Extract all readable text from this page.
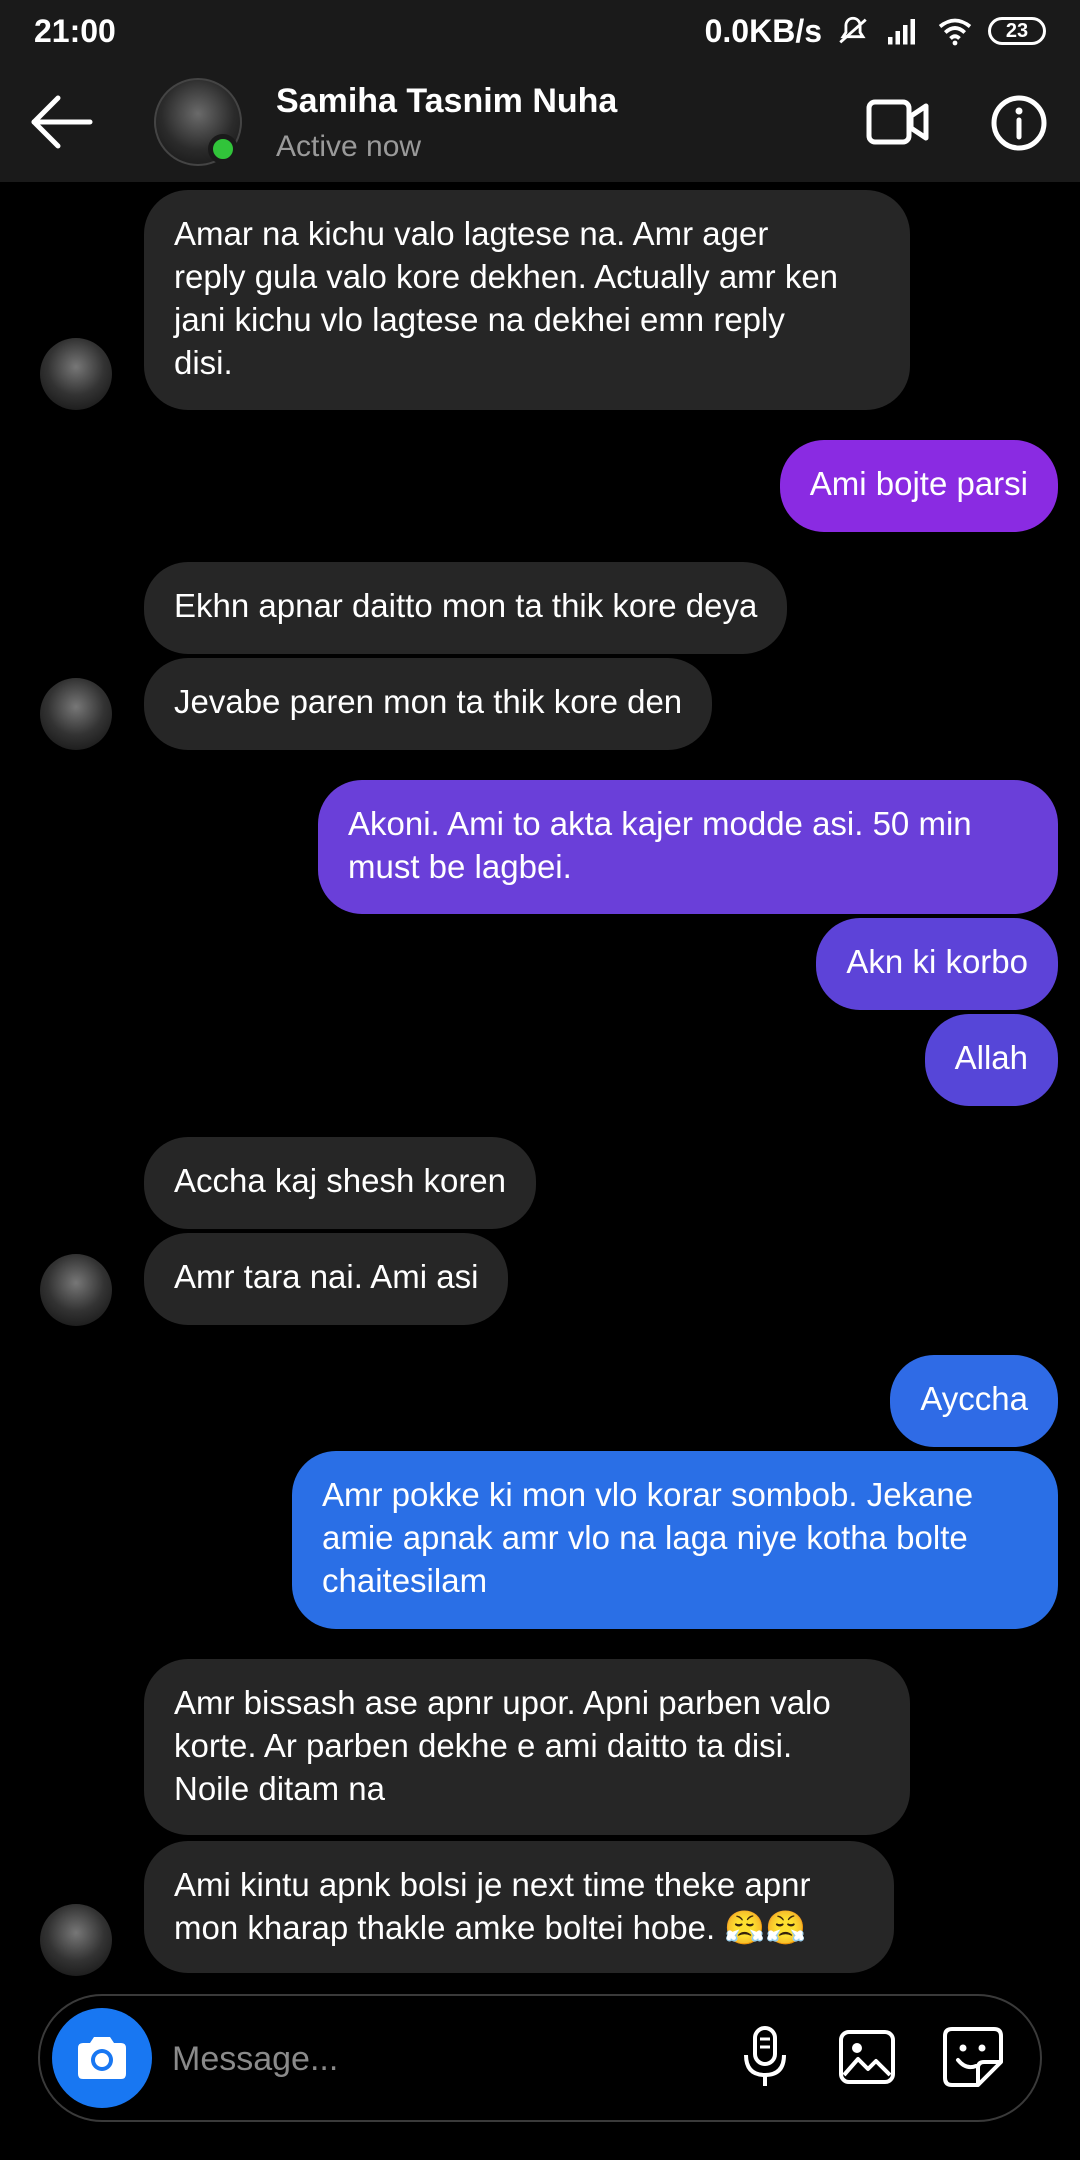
21:00	0.0KB/s	23
Samiha Tasnim Nuha
Active now
Amar na kichu valo lagtese na. Amr ager
reply gula valo kore dekhen. Actually amr ken
jani kichu vlo lagtese na dekhei emn reply
disi.
Ami bojte parsi
Ekhn apnar daitto mon ta thik kore deya
Jevabe paren mon ta thik kore den
Akoni. Ami to akta kajer modde asi. 50 min
must be lagbei.
Akn ki korbo
Allah
Accha kaj shesh koren
Amr tara nai. Ami asi
Ayccha
Amr pokke ki mon vlo korar sombob. Jekane
amie apnak amr vlo na laga niye kotha bolte
chaitesilam
Amr bissash ase apnr upor. Apni parben valo
korte. Ar parben dekhe e ami daitto ta disi.
Noile ditam na
Ami kintu apnk bolsi je next time theke apnr
mon kharap thakle amke boltei hobe. 😤😤
Message...
